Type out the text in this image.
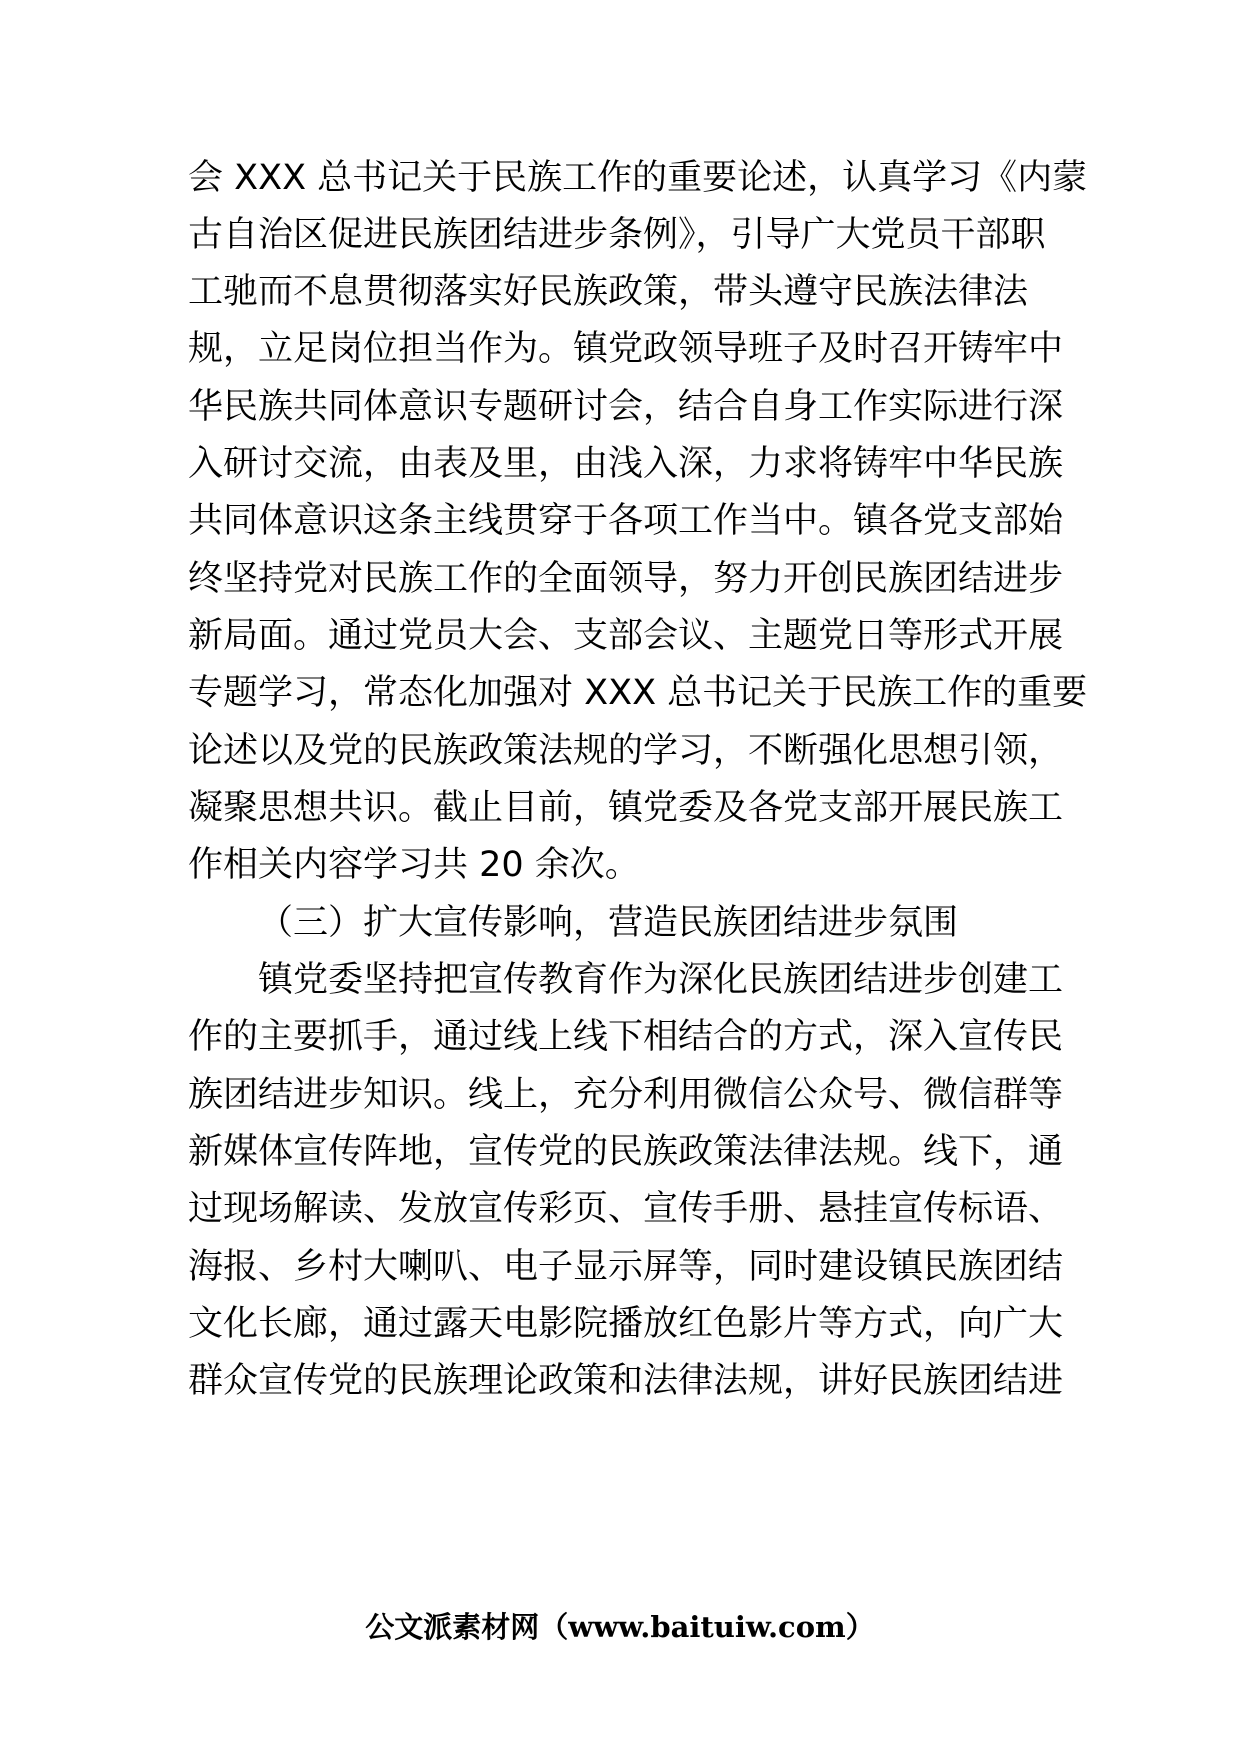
会 XXX 总书记关于民族工作的重要论述，认真学习《内蒙
古自治区促进民族团结进步条例》，引导广大党员干部职
工驰而不息贯彻落实好民族政策，带头遵守民族法律法
规，立足岗位担当作为。镇党政领导班子及时召开铸牢中
华民族共同体意识专题研讨会，结合自身工作实际进行深
入研讨交流，由表及里，由浅入深，力求将铸牢中华民族
共同体意识这条主线贯穿于各项工作当中。镇各党支部始
终坚持党对民族工作的全面领导，努力开创民族团结进步
新局面。通过党员大会、支部会议、主题党日等形式开展
专题学习，常态化加强对 XXX 总书记关于民族工作的重要
论述以及党的民族政策法规的学习，不断强化思想引领，
凝聚思想共识。截止目前，镇党委及各党支部开展民族工
作相关内容学习共 20 余次。
（三）扩大宣传影响，营造民族团结进步氛围
镇党委坚持把宣传教育作为深化民族团结进步创建工
作的主要抓手，通过线上线下相结合的方式，深入宣传民
族团结进步知识。线上，充分利用微信公众号、微信群等
新媒体宣传阵地，宣传党的民族政策法律法规。线下，通
过现场解读、发放宣传彩页、宣传手册、悬挂宣传标语、
海报、乡村大喇叭、电子显示屏等，同时建设镇民族团结
文化长廊，通过露天电影院播放红色影片等方式，向广大
群众宣传党的民族理论政策和法律法规，讲好民族团结进
公文派素材网（www.baituiw.com）
